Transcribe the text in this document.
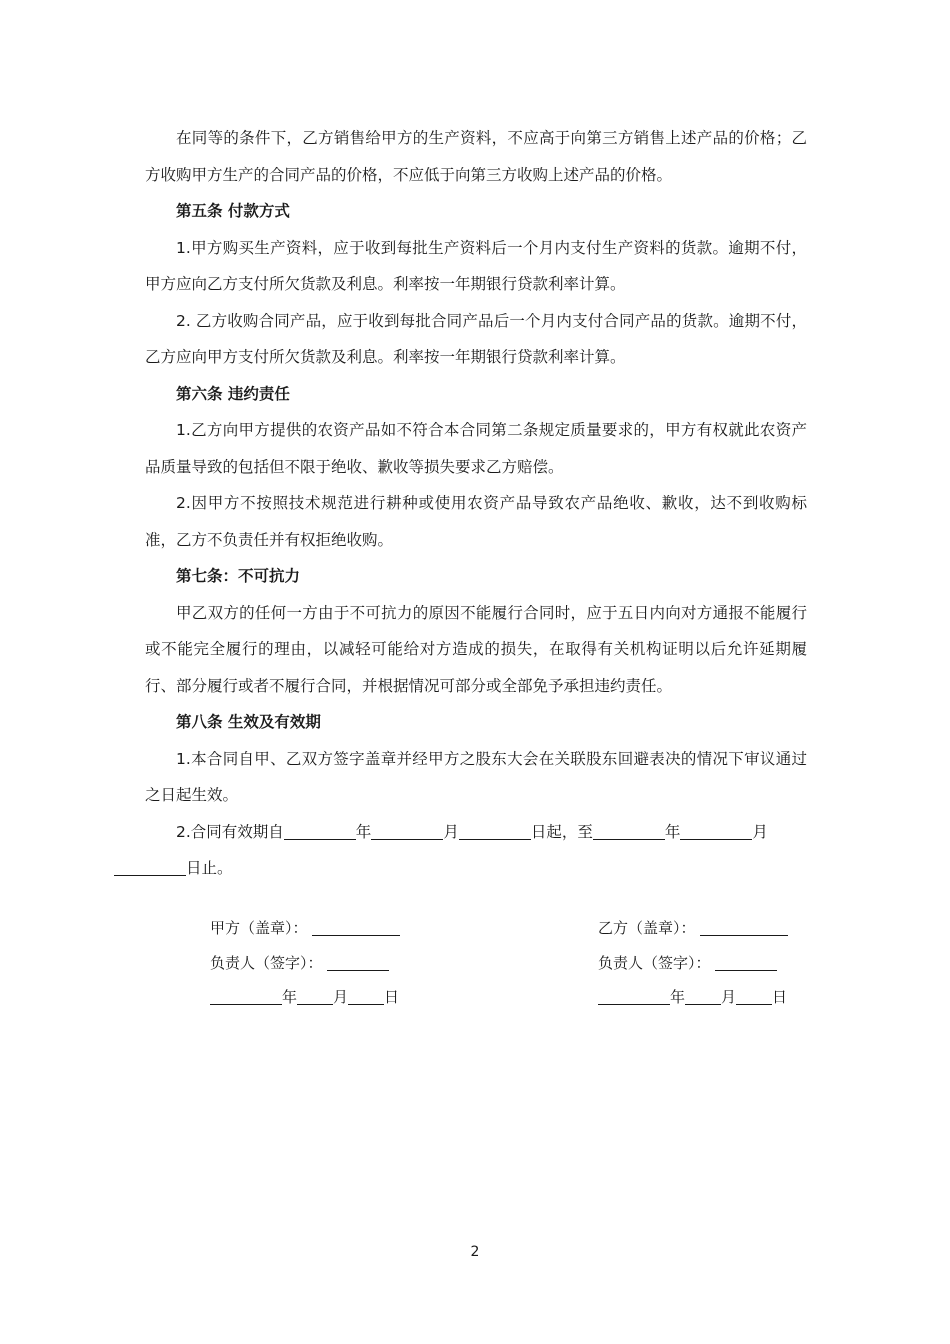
在同等的条件下，乙方销售给甲方的生产资料，不应高于向第三方销售上述产品的价格；乙方收购甲方生产的合同产品的价格，不应低于向第三方收购上述产品的价格。

第五条 付款方式

1.甲方购买生产资料，应于收到每批生产资料后一个月内支付生产资料的货款。逾期不付，甲方应向乙方支付所欠货款及利息。利率按一年期银行贷款利率计算。

2. 乙方收购合同产品，应于收到每批合同产品后一个月内支付合同产品的货款。逾期不付，乙方应向甲方支付所欠货款及利息。利率按一年期银行贷款利率计算。

第六条 违约责任

1.乙方向甲方提供的农资产品如不符合本合同第二条规定质量要求的，甲方有权就此农资产品质量导致的包括但不限于绝收、歉收等损失要求乙方赔偿。

2.因甲方不按照技术规范进行耕种或使用农资产品导致农产品绝收、歉收，达不到收购标准，乙方不负责任并有权拒绝收购。

第七条：不可抗力

甲乙双方的任何一方由于不可抗力的原因不能履行合同时，应于五日内向对方通报不能履行或不能完全履行的理由，以减轻可能给对方造成的损失，在取得有关机构证明以后允许延期履行、部分履行或者不履行合同，并根据情况可部分或全部免予承担违约责任。

第八条 生效及有效期

1.本合同自甲、乙双方签字盖章并经甲方之股东大会在关联股东回避表决的情况下审议通过之日起生效。

2.合同有效期自	年	月	日起，至	年	月
日止。

甲方（盖章）：
负责人（签字）：
年 月 日
乙方（盖章）：
负责人（签字）：
年 月 日
2
